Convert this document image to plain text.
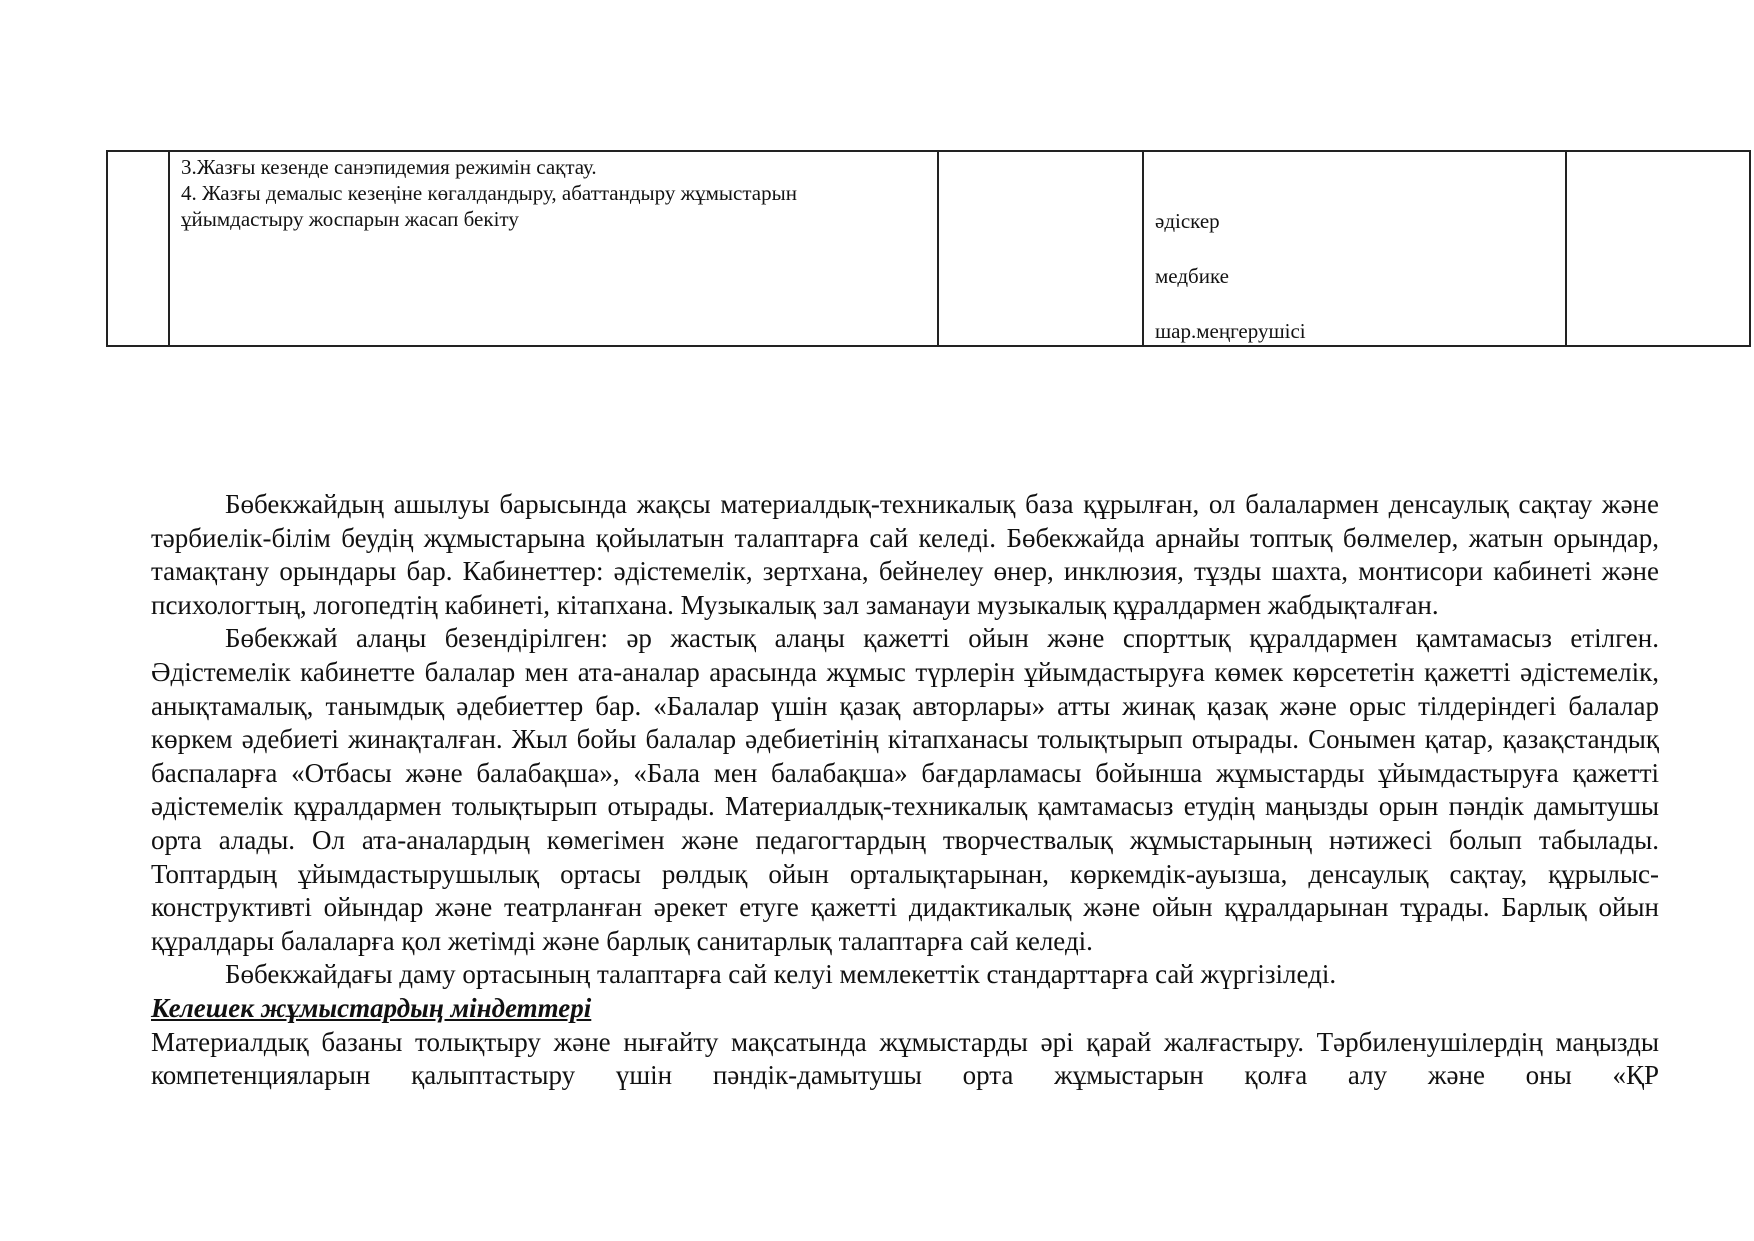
3.Жазғы кезенде санэпидемия режимін сақтау.
4. Жазғы демалыс кезеңіне көгалдандыру, абаттандыру жұмыстарын
ұйымдастыру жоспарын жасап бекіту		әдіскер
медбике
шар.меңгерушісі

Бөбекжайдың ашылуы барысында жақсы материалдық-техникалық база құрылған, ол балалармен денсаулық сақтау және тәрбиелік-білім беудің жұмыстарына қойылатын талаптарға сай келеді. Бөбекжайда арнайы топтық бөлмелер, жатын орындар, тамақтану орындары бар. Кабинеттер: әдістемелік, зертхана, бейнелеу өнер, инклюзия, тұзды шахта, монтисори кабинеті және психологтың, логопедтің кабинеті, кітапхана. Музыкалық зал заманауи музыкалық құралдармен жабдықталған.

Бөбекжай алаңы безендірілген: әр жастық алаңы қажетті ойын және спорттық құралдармен қамтамасыз етілген. Әдістемелік кабинетте балалар мен ата-аналар арасында жұмыс түрлерін ұйымдастыруға көмек көрсететін қажетті әдістемелік, анықтамалық, танымдық әдебиеттер бар. «Балалар үшін қазақ авторлары» атты жинақ қазақ және орыс тілдеріндегі балалар көркем әдебиеті жинақталған. Жыл бойы балалар әдебиетінің кітапханасы толықтырып отырады. Сонымен қатар, қазақстандық баспаларға «Отбасы және балабақша», «Бала мен балабақша» бағдарламасы бойынша жұмыстарды ұйымдастыруға қажетті әдістемелік құралдармен толықтырып отырады. Материалдық-техникалық қамтамасыз етудің маңызды орын пәндік дамытушы орта алады. Ол ата-аналардың көмегімен және педагогтардың творчествалық жұмыстарының нәтижесі болып табылады. Топтардың ұйымдастырушылық ортасы рөлдық ойын орталықтарынан, көркемдік-ауызша, денсаулық сақтау, құрылыс-конструктивті ойындар және театрланған әрекет етуге қажетті дидактикалық және ойын құралдарынан тұрады. Барлық ойын құралдары балаларға қол жетімді және барлық санитарлық талаптарға сай келеді.

Бөбекжайдағы даму ортасының талаптарға сай келуі мемлекеттік стандарттарға сай жүргізіледі.

Келешек жұмыстардың міндеттері

Материалдық базаны толықтыру және нығайту мақсатында жұмыстарды әрі қарай жалғастыру. Тәрбиленушілердің маңызды компетенцияларын қалыптастыру үшін пәндік-дамытушы орта жұмыстарын қолға алу және оны «ҚР
